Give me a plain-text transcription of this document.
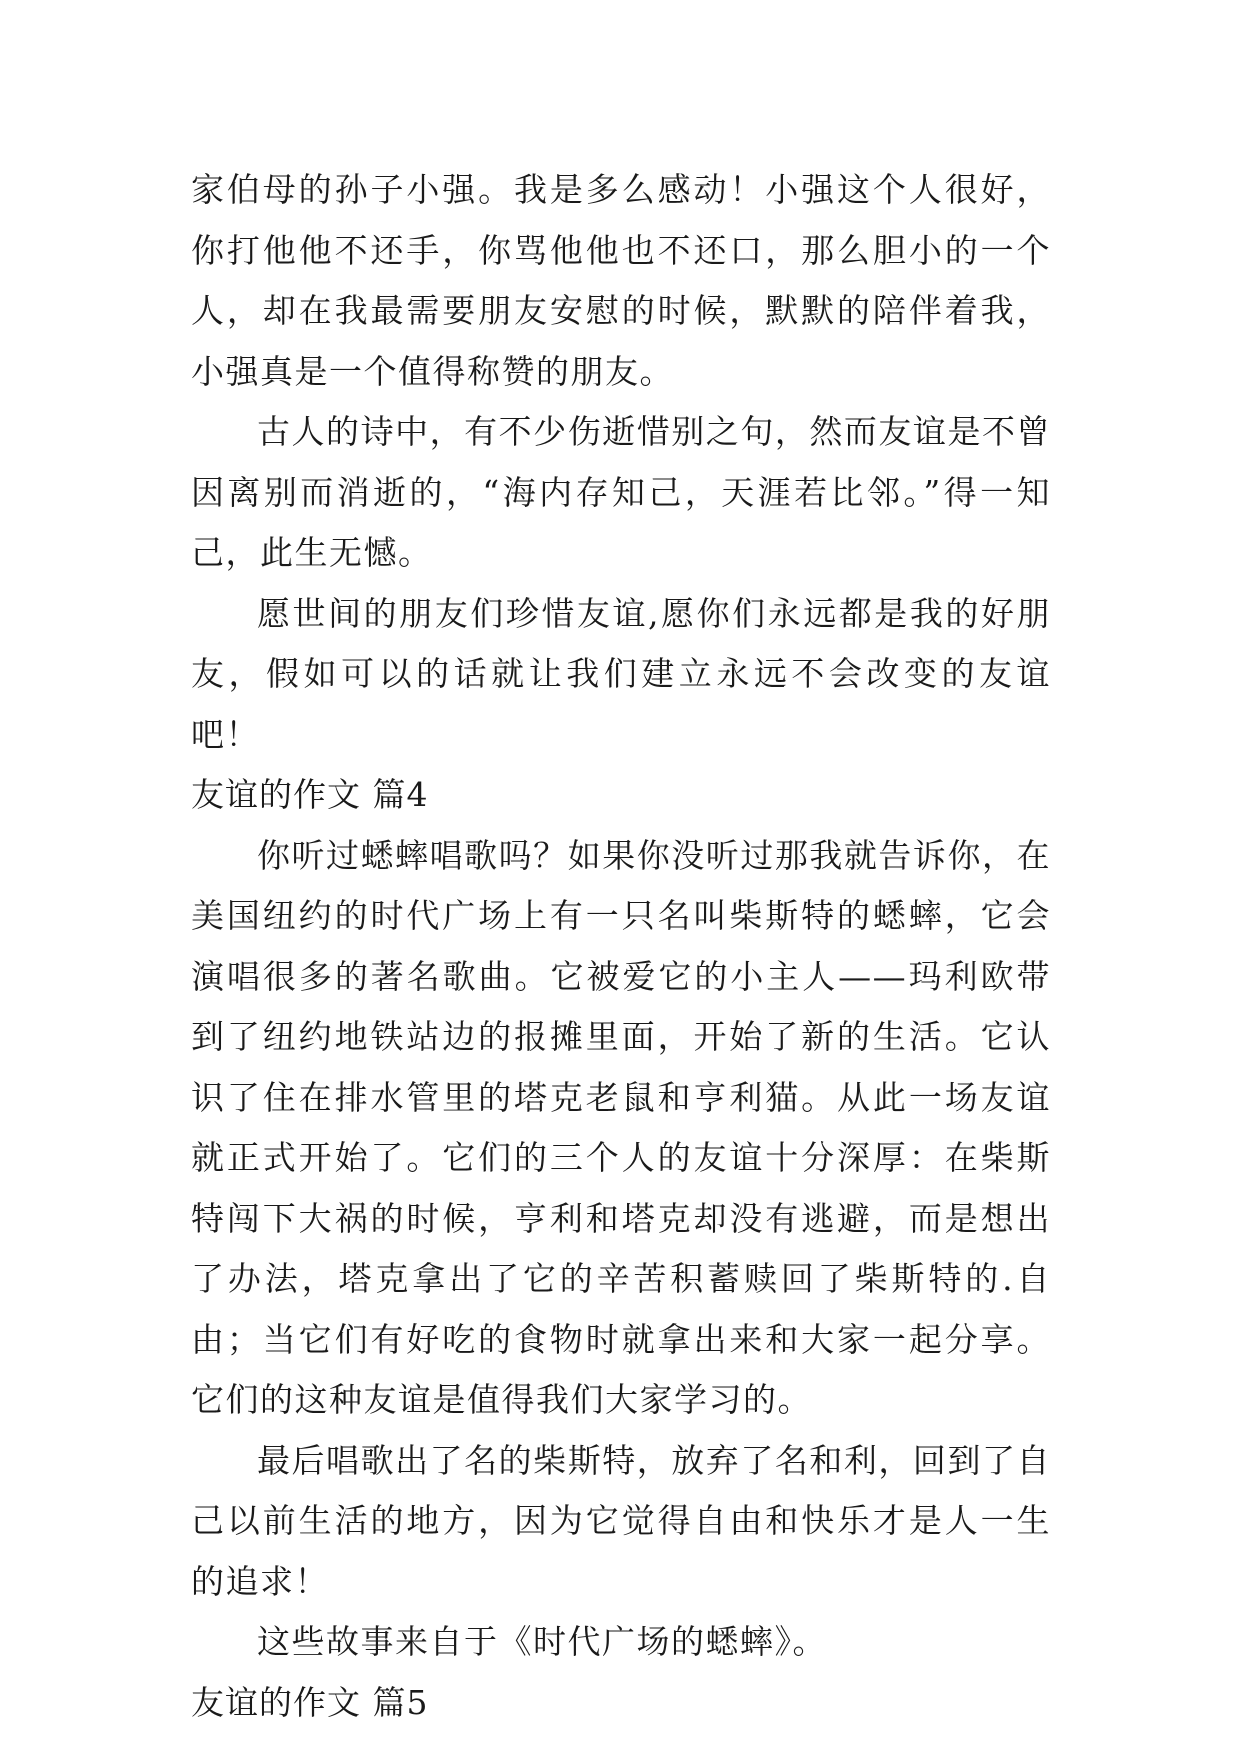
家伯母的孙子小强。我是多么感动！小强这个人很好，你打他他不还手，你骂他他也不还口，那么胆小的一个人，却在我最需要朋友安慰的时候，默默的陪伴着我，小强真是一个值得称赞的朋友。

古人的诗中，有不少伤逝惜别之句，然而友谊是不曾因离别而消逝的，“海内存知己，天涯若比邻。”得一知己，此生无憾。

愿世间的朋友们珍惜友谊,愿你们永远都是我的好朋友，假如可以的话就让我们建立永远不会改变的友谊吧！

友谊的作文 篇4

你听过蟋蟀唱歌吗？如果你没听过那我就告诉你，在美国纽约的时代广场上有一只名叫柴斯特的蟋蟀，它会演唱很多的著名歌曲。它被爱它的小主人——玛利欧带到了纽约地铁站边的报摊里面，开始了新的生活。它认识了住在排水管里的塔克老鼠和亨利猫。从此一场友谊就正式开始了。它们的三个人的友谊十分深厚：在柴斯特闯下大祸的时候，亨利和塔克却没有逃避，而是想出了办法，塔克拿出了它的辛苦积蓄赎回了柴斯特的.自由；当它们有好吃的食物时就拿出来和大家一起分享。它们的这种友谊是值得我们大家学习的。

最后唱歌出了名的柴斯特，放弃了名和利，回到了自己以前生活的地方，因为它觉得自由和快乐才是人一生的追求！

这些故事来自于《时代广场的蟋蟀》。

友谊的作文 篇5
